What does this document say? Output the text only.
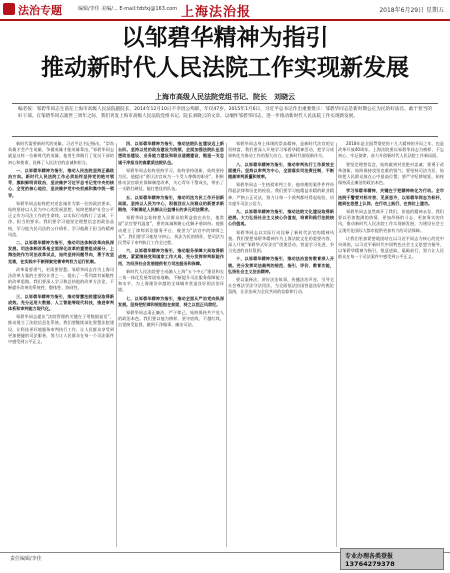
法治专题	编辑/李佳 美编/... E-mail:fzbfxj@163.com 上海法治报	2018年6月29日 星期五
以邹碧华精神为指引
推动新时代人民法院工作实现新发展
上海市高级人民法院党组书记、院长　刘晓云
编者按：邹碧华同志生前任上海市高级人民法院副院长，2014年12月10日不幸因公殉职，年仅47岁。2015年1月6日，习近平总书记作出重要批示：邹碧华同志是新时期公正为民的好法官、敢于担当的好干部。在邹碧华同志逝世三周年之际，我们刊发上海市高级人民法院党组书记、院长刘晓云的文章，以缅怀邹碧华同志，进一步推动新时代人民法院工作实现新发展。

新时代需要新时代的英雄。习近平总书记指出，“崇尚英雄才会产生英雄，争做英雄才能英雄辈出。”邹碧华同志就是这样一位新时代的英雄。他用生命践行了党员干部的初心和使命，诠释了人民法官的忠诚和担当。

一、以邹碧华精神为指引，推动人民法院坚持正确政治方向。新时代人民法院工作必须始终坚持党的绝对领导，旗帜鲜明讲政治，坚决维护习近平总书记党中央的核心、全党的核心地位，坚决维护党中央权威和集中统一领导。

邹碧华同志始终把对党忠诚作为第一位的政治要求，始终坚持以人民为中心的发展思想，始终把维护社会公平正义作为司法工作的生命线，以实际行动践行了忠诚、干净、担当的要求。我们要学习他坚定理想信念的政治品格，学习他为民司法的公仆情怀，学习他敢于担当的精神风范。

二、以邹碧华精神为指引，推动司法体制改革向纵深发展。司法体制改革是全面深化改革的重要组成部分，上海法院作为司法改革试点，始终坚持问题导向，勇于攻坚克难，在实践中不断探索完善审判权力运行机制。

改革需要勇气，更需要智慧。邹碧华同志作为上海司法改革方案的主要设计者之一，提出了一系列富有前瞻性的改革思路。我们要深入学习和总结他的改革方法论，不断提升改革的系统性、整体性、协同性。

三、以邹碧华精神为指引，推动智慧法院建设取得新成效。充分运用大数据、人工智能等现代科技，推进审判体系和审判能力现代化。

邹碧华同志提出“法院管理的关键在于用数据说话”，推动建立了法院信息化系统。我们要继续深化智慧法院建设，让科技更好地服务审判执行工作，让人民群众享受到更加便捷的司法服务，努力让人民群众在每一个司法案件中感受到公平正义。

四、以邹碧华精神为指引，推动法院队伍建设迈上新台阶。坚持以党的政治建设为统领，全面加强法院队伍思想政治建设、业务能力建设和职业道德建设，锻造一支忠诚干净担当的高素质法院队伍。

邹碧华同志始终坚持学习，始终坚持创新，始终坚持为民。他提出“要让法官成为一个受人尊敬的职业”，积极推动法官职业保障制度改革，关心青年干警成长，带出了一支敢打硬仗、能打胜仗的队伍。

五、以邹碧华精神为指引，推动司法为民工作开创新局面。坚持以人民为中心，积极回应人民群众的新要求新期待，不断满足人民群众日益增长的多元司法需求。

邹碧华同志始终把人民群众的利益放在首位，他常说“法官要有温度”，要用真诚和耐心化解矛盾纠纷。他推动建立了律师诉讼服务平台，被誉为“法官中的律师之友”。我们要学习他坚守初心、执法为民的情怀，把司法为民贯穿于审判执行工作全过程。

六、以邹碧华精神为指引，推动服务保障大局取得新成效。紧紧围绕党和国家工作大局，充分发挥审判职能作用，为经济社会发展提供有力司法服务和保障。

新时代人民法院要主动融入上海“五个中心”建设和长三角一体化发展等国家战略，不断提升司法服务保障能力和水平，为上海建设卓越的全球城市营造良好的法治环境。

七、以邹碧华精神为指引，推动全面从严治党向纵深发展。坚持把纪律和规矩挺在前面，持之以恒正风肃纪。

邹碧华同志清正廉洁、严于律己，始终保持共产党人的政治本色。我们要以他为榜样，坚守底线、不越红线，自觉接受监督，做到干净做事、廉洁司法。

邹碧华同志身上体现的崇高精神，是新时代法官的宝贵财富。我们要深入开展学习邹碧华精神活动，把学习成果转化为推动工作的强大动力，在新时代展现新作为。

八、以邹碧华精神为指引，推动审判执行工作质效全面提升。坚持以审判为中心，全面落实司法责任制，不断提高审判质量和效率。

邹碧华同志一生热爱审判工作，他审理的案件件件经得起法律和历史的检验。我们要学习他精益求精的职业精神，严格公正司法，努力让每一个裁判都经得起检验，切实提升司法公信力。

九、以邹碧华精神为指引，推动法院文化建设取得新进展。大力弘扬社会主义核心价值观，培育和践行法院核心价值观。

邹碧华同志以实际行动诠释了新时代法官的精神风貌。我们要把邹碧华精神作为上海法院文化的重要内容，深入开展“邹碧华式好法官”创建活动，营造学习先进、争当先进的良好氛围。

十、以邹碧华精神为指引，推动法治宣传教育深入开展。充分发挥司法裁判的规范、指引、评价、教育功能，弘扬社会主义法治精神。

要以案释法，讲好法治故事，传播法治声音，引导全社会尊法学法守法用法，为全面依法治国营造良好的舆论氛围，让法治成为全民共同的信仰和行动。

2018年是全面贯彻党的十九大精神的开局之年，也是改革开放40周年。上海法院要以邹碧华同志为榜样，不忘初心、牢记使命，奋力开创新时代人民法院工作新局面。

要坚定理想信念，始终做到对党绝对忠诚；要勇于改革创新，始终保持攻坚克难的锐气；要坚持司法为民，始终把人民群众放在心中最高位置；要严守纪律规矩，始终保持清正廉洁的政治本色。

学习邹碧华精神，关键在于把精神转化为行动。全市法院干警要对标对表、见贤思齐，以邹碧华同志为标杆，做到在思想上认同、在行动上践行、在岗位上建功。

邹碧华同志虽然离开了我们，但他的精神永存。我们要以更加饱满的热情、更加昂扬的斗志、更加务实的作风，推动新时代人民法院工作实现新发展，为建设社会主义现代化国际大都市提供更加有力的司法保障。

让我们更加紧密地团结在以习近平同志为核心的党中央周围，以习近平新时代中国特色社会主义思想为指导，以邹碧华精神为指引，锐意进取、砥砺前行，努力让人民群众在每一个司法案件中感受到公平正义。

责任编辑/李佳	专业办理各类登报
13764279378
